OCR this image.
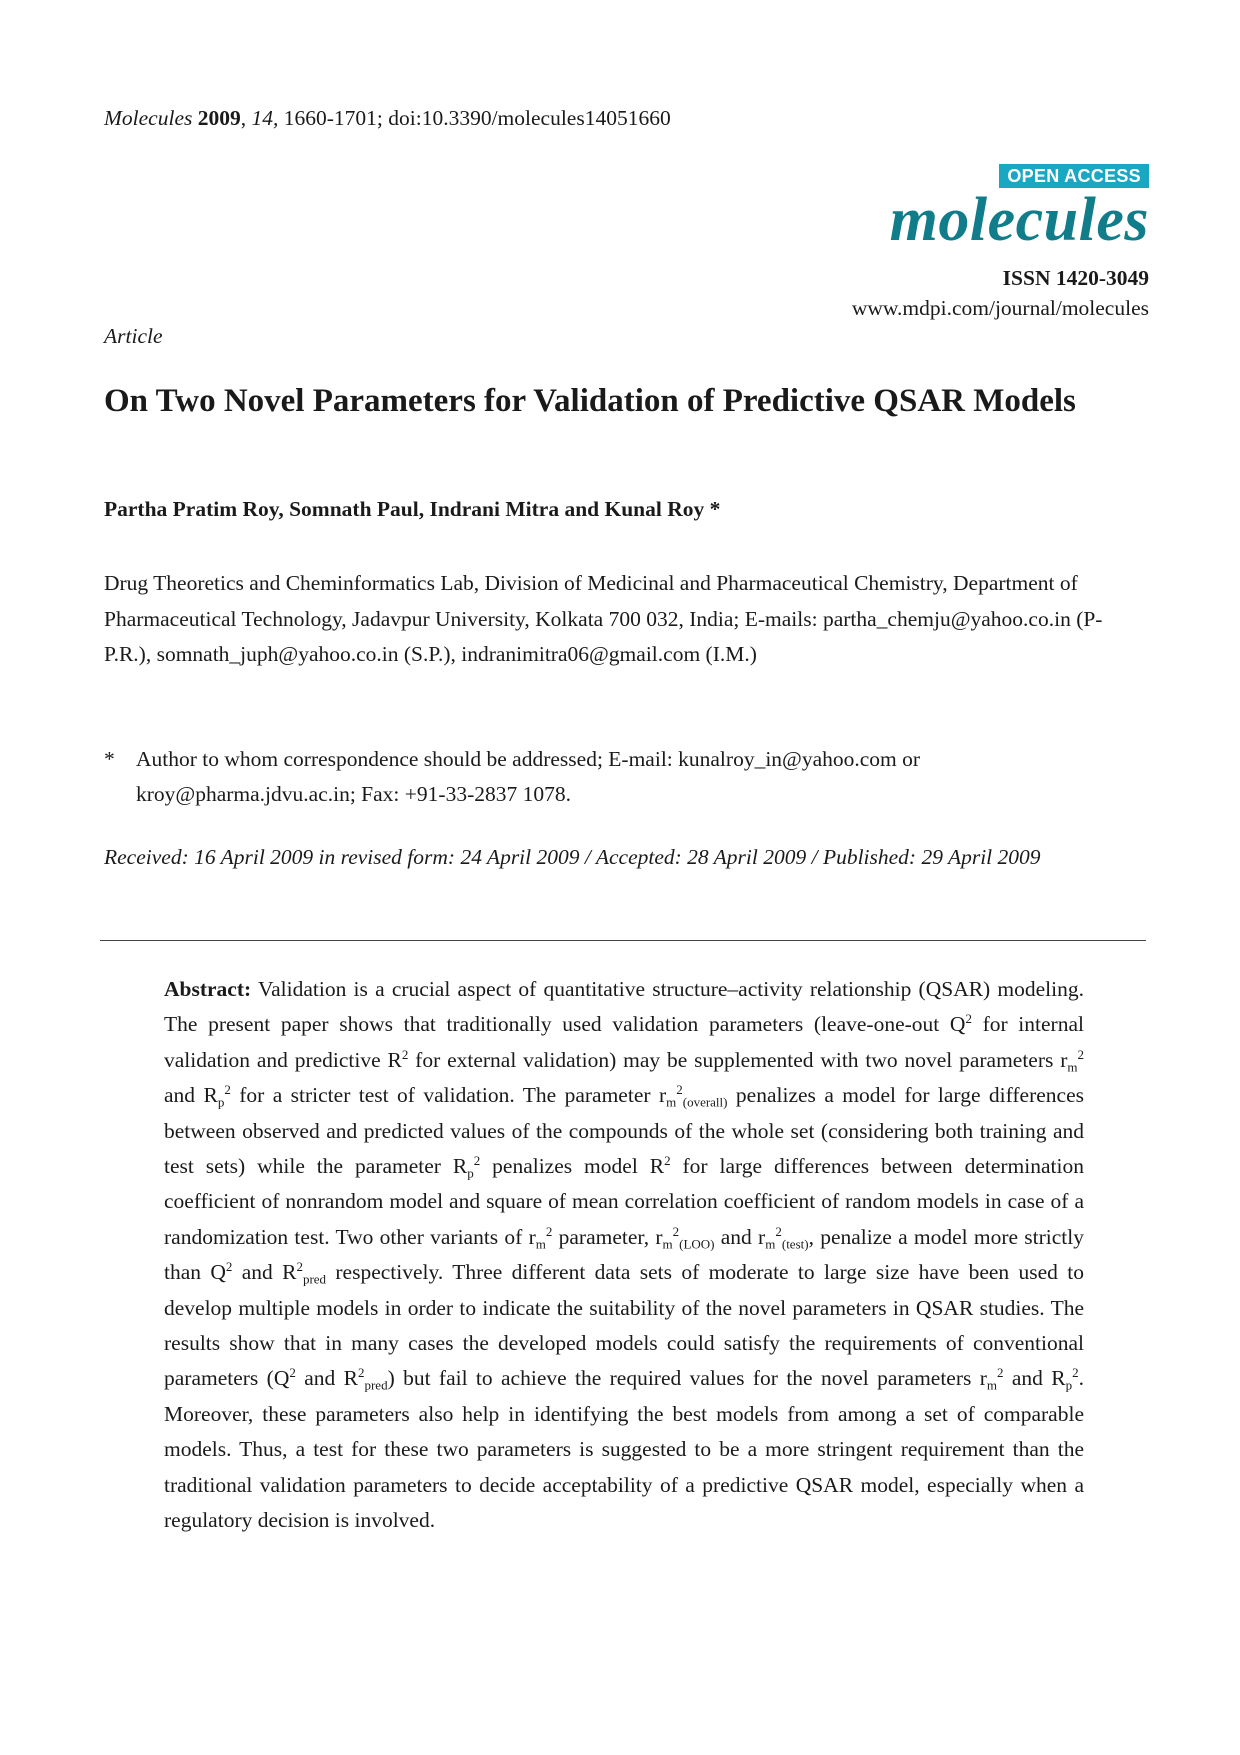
Molecules 2009, 14, 1660-1701; doi:10.3390/molecules14051660
OPEN ACCESS
molecules
ISSN 1420-3049
www.mdpi.com/journal/molecules
Article
On Two Novel Parameters for Validation of Predictive QSAR Models
Partha Pratim Roy, Somnath Paul, Indrani Mitra and Kunal Roy *

Drug Theoretics and Cheminformatics Lab, Division of Medicinal and Pharmaceutical Chemistry, Department of Pharmaceutical Technology, Jadavpur University, Kolkata 700 032, India; E-mails: partha_chemju@yahoo.co.in (P-P.R.), somnath_juph@yahoo.co.in (S.P.), indranimitra06@gmail.com (I.M.)

* Author to whom correspondence should be addressed; E-mail: kunalroy_in@yahoo.com or kroy@pharma.jdvu.ac.in; Fax: +91-33-2837 1078.
Received: 16 April 2009 in revised form: 24 April 2009 / Accepted: 28 April 2009 / Published: 29 April 2009

Abstract: Validation is a crucial aspect of quantitative structure–activity relationship (QSAR) modeling. The present paper shows that traditionally used validation parameters (leave-one-out $Q^2$ for internal validation and predictive $R^2$ for external validation) may be supplemented with two novel parameters $r_m^2$ and $R_p^2$ for a stricter test of validation. The parameter $r_m^2_{(overall)}$ penalizes a model for large differences between observed and predicted values of the compounds of the whole set (considering both training and test sets) while the parameter $R_p^2$ penalizes model $R^2$ for large differences between determination coefficient of nonrandom model and square of mean correlation coefficient of random models in case of a randomization test. Two other variants of $r_m^2$ parameter, $r_m^2_{(LOO)}$ and $r_m^2_{(test)}$, penalize a model more strictly than $Q^2$ and $R^2_{pred}$ respectively. Three different data sets of moderate to large size have been used to develop multiple models in order to indicate the suitability of the novel parameters in QSAR studies. The results show that in many cases the developed models could satisfy the requirements of conventional parameters ($Q^2$ and $R^2_{pred}$) but fail to achieve the required values for the novel parameters $r_m^2$ and $R_p^2$. Moreover, these parameters also help in identifying the best models from among a set of comparable models. Thus, a test for these two parameters is suggested to be a more stringent requirement than the traditional validation parameters to decide acceptability of a predictive QSAR model, especially when a regulatory decision is involved.
